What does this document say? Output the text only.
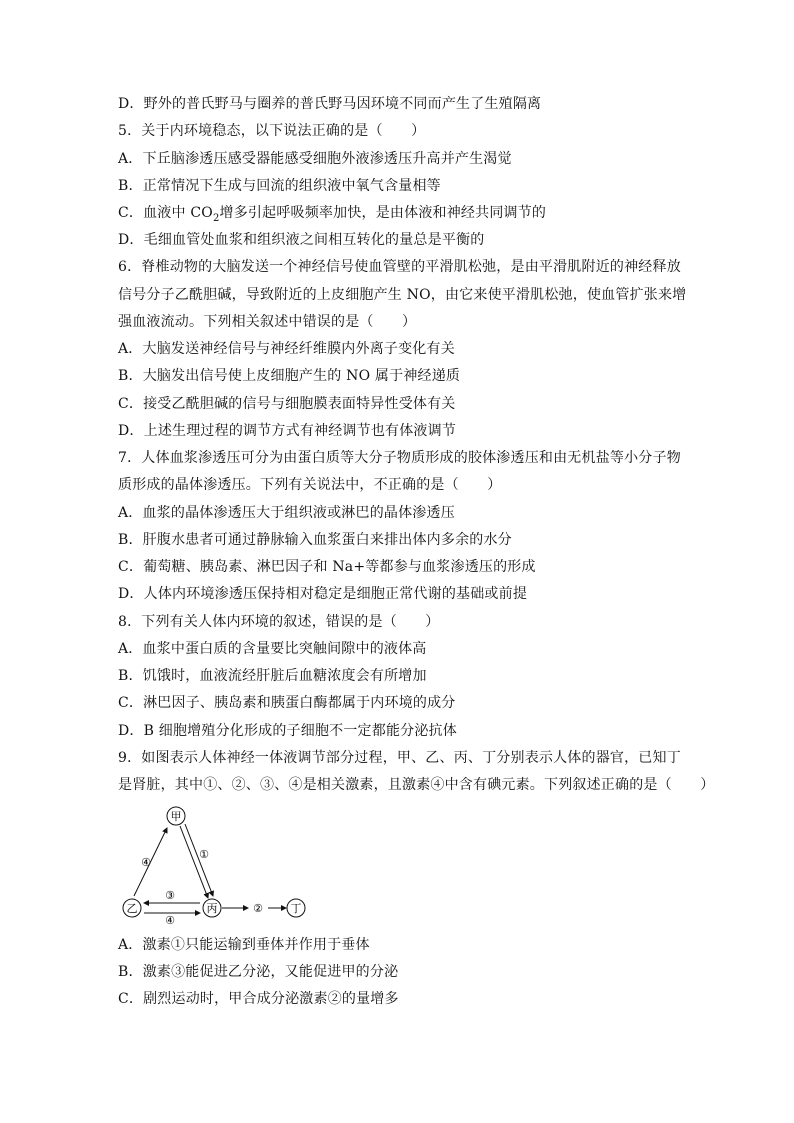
D．野外的普氏野马与圈养的普氏野马因环境不同而产生了生殖隔离
5．关于内环境稳态，以下说法正确的是（　　）
A．下丘脑渗透压感受器能感受细胞外液渗透压升高并产生渴觉
B．正常情况下生成与回流的组织液中氧气含量相等
C．血液中 $CO_2$增多引起呼吸频率加快，是由体液和神经共同调节的
D．毛细血管处血浆和组织液之间相互转化的量总是平衡的
6．脊椎动物的大脑发送一个神经信号使血管壁的平滑肌松弛，是由平滑肌附近的神经释放
信号分子乙酰胆碱，导致附近的上皮细胞产生 NO，由它来使平滑肌松弛，使血管扩张来增
强血液流动。下列相关叙述中错误的是（　　）
A．大脑发送神经信号与神经纤维膜内外离子变化有关
B．大脑发出信号使上皮细胞产生的 NO 属于神经递质
C．接受乙酰胆碱的信号与细胞膜表面特异性受体有关
D．上述生理过程的调节方式有神经调节也有体液调节
7．人体血浆渗透压可分为由蛋白质等大分子物质形成的胶体渗透压和由无机盐等小分子物
质形成的晶体渗透压。下列有关说法中，不正确的是（　　）
A．血浆的晶体渗透压大于组织液或淋巴的晶体渗透压
B．肝腹水患者可通过静脉输入血浆蛋白来排出体内多余的水分
C．葡萄糖、胰岛素、淋巴因子和 Na+等都参与血浆渗透压的形成
D．人体内环境渗透压保持相对稳定是细胞正常代谢的基础或前提
8．下列有关人体内环境的叙述，错误的是（　　）
A．血浆中蛋白质的含量要比突触间隙中的液体高
B．饥饿时，血液流经肝脏后血糖浓度会有所增加
C．淋巴因子、胰岛素和胰蛋白酶都属于内环境的成分
D．B 细胞增殖分化形成的子细胞不一定都能分泌抗体
9．如图表示人体神经一体液调节部分过程，甲、乙、丙、丁分别表示人体的器官，已知丁
是肾脏，其中①、②、③、④是相关激素，且激素④中含有碘元素。下列叙述正确的是（　　）
甲
乙	丙	丁
④
①
③
④
②
A．激素①只能运输到垂体并作用于垂体
B．激素③能促进乙分泌，又能促进甲的分泌
C．剧烈运动时，甲合成分泌激素②的量增多
